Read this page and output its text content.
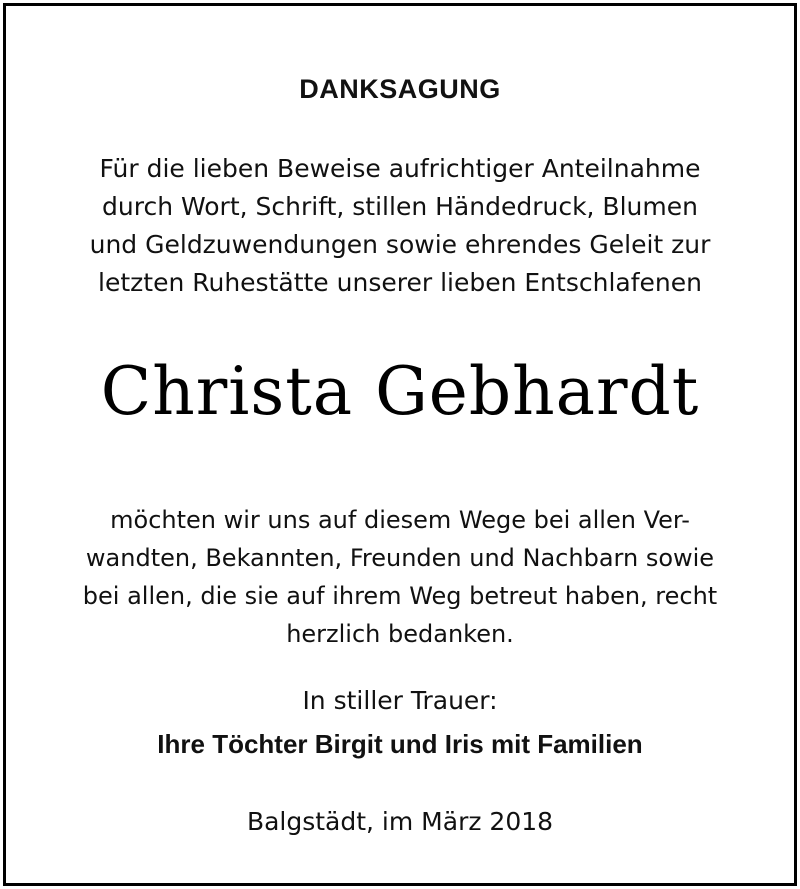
DANKSAGUNG

Für die lieben Beweise aufrichtiger Anteilnahme
durch Wort, Schrift, stillen Händedruck, Blumen
und Geldzuwendungen sowie ehrendes Geleit zur
letzten Ruhestätte unserer lieben Entschlafenen

Christa Gebhardt

möchten wir uns auf diesem Wege bei allen Ver-
wandten, Bekannten, Freunden und Nachbarn sowie
bei allen, die sie auf ihrem Weg betreut haben, recht
herzlich bedanken.

In stiller Trauer:
Ihre Töchter Birgit und Iris mit Familien
Balgstädt, im März 2018
